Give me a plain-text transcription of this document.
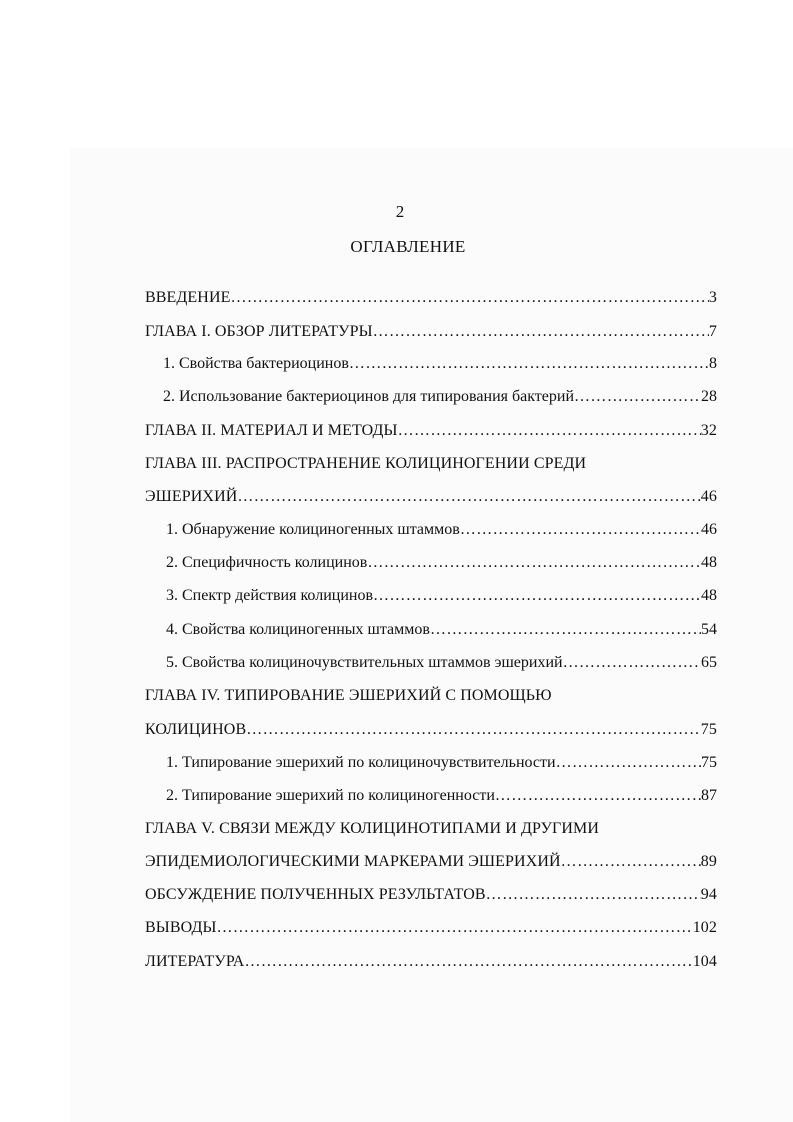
2
ОГЛАВЛЕНИЕ
ВВЕДЕНИЕ …………………………………………………………………………………………………………………………………………………………………	3
ГЛАВА I. ОБЗОР ЛИТЕРАТУРЫ …………………………………………………………………………………………………………………………………………………………………	7
1. Свойства бактериоцинов …………………………………………………………………………………………………………………………………………………………………	8
2. Использование бактериоцинов для типирования бактерий …………………………………………………………………………………………………………………………………………………………………	28
ГЛАВА II. МАТЕРИАЛ И МЕТОДЫ …………………………………………………………………………………………………………………………………………………………………	32
ГЛАВА III. РАСПРОСТРАНЕНИЕ КОЛИЦИНОГЕНИИ СРЕДИ
ЭШЕРИХИЙ …………………………………………………………………………………………………………………………………………………………………	46
1. Обнаружение колициногенных штаммов …………………………………………………………………………………………………………………………………………………………………	46
2. Специфичность колицинов …………………………………………………………………………………………………………………………………………………………………	48
3. Спектр действия колицинов …………………………………………………………………………………………………………………………………………………………………	48
4. Свойства колициногенных штаммов …………………………………………………………………………………………………………………………………………………………………	54
5. Свойства колициночувствительных штаммов эшерихий …………………………………………………………………………………………………………………………………………………………………	65
ГЛАВА IV. ТИПИРОВАНИЕ ЭШЕРИХИЙ С ПОМОЩЬЮ
КОЛИЦИНОВ …………………………………………………………………………………………………………………………………………………………………	75
1. Типирование эшерихий по колициночувствительности …………………………………………………………………………………………………………………………………………………………………	75
2. Типирование эшерихий по колициногенности …………………………………………………………………………………………………………………………………………………………………	87
ГЛАВА V. СВЯЗИ МЕЖДУ КОЛИЦИНОТИПАМИ И ДРУГИМИ
ЭПИДЕМИОЛОГИЧЕСКИМИ МАРКЕРАМИ ЭШЕРИХИЙ …………………………………………………………………………………………………………………………………………………………………	89
ОБСУЖДЕНИЕ ПОЛУЧЕННЫХ РЕЗУЛЬТАТОВ …………………………………………………………………………………………………………………………………………………………………	94
ВЫВОДЫ …………………………………………………………………………………………………………………………………………………………………	102
ЛИТЕРАТУРА …………………………………………………………………………………………………………………………………………………………………	104
